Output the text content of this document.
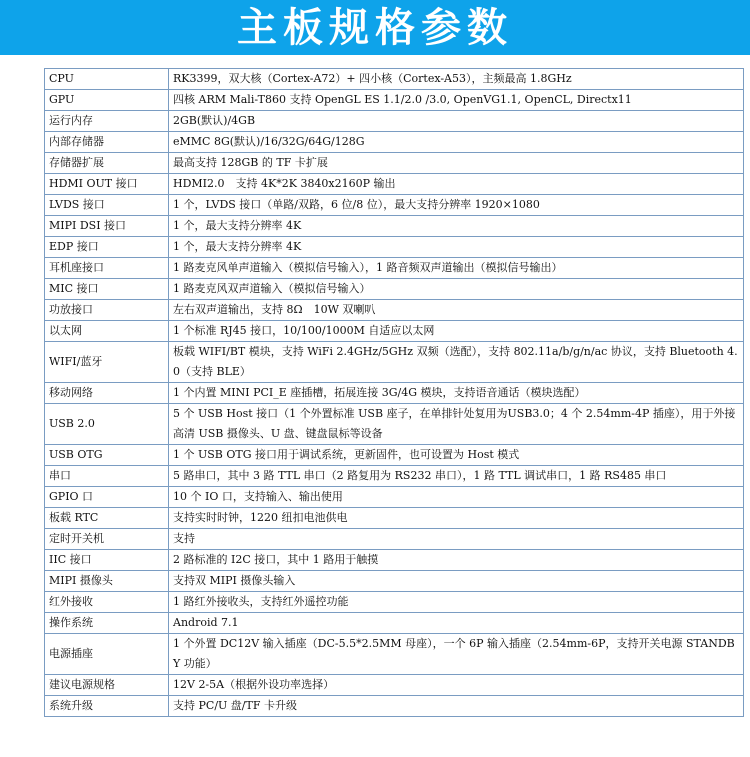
主板规格参数
CPU	RK3399，双大核（Cortex-A72）+ 四小核（Cortex-A53），主频最高 1.8GHz
GPU	四核 ARM Mali-T860 支持 OpenGL ES 1.1/2.0 /3.0, OpenVG1.1, OpenCL, Directx11
运行内存	2GB(默认)/4GB
内部存储器	eMMC 8G(默认)/16/32G/64G/128G
存储器扩展	最高支持 128GB 的 TF 卡扩展
HDMI OUT 接口	HDMI2.0　支持 4K*2K 3840x2160P 输出
LVDS 接口	1 个，LVDS 接口（单路/双路，6 位/8 位），最大支持分辨率 1920×1080
MIPI DSI 接口	1 个，最大支持分辨率 4K
EDP 接口	1 个，最大支持分辨率 4K
耳机座接口	1 路麦克风单声道输入（模拟信号输入），1 路音频双声道输出（模拟信号输出）
MIC 接口	1 路麦克风双声道输入（模拟信号输入）
功放接口	左右双声道输出，支持 8Ω　10W 双喇叭
以太网	1 个标准 RJ45 接口，10/100/1000M 自适应以太网
WIFI/蓝牙	板载 WIFI/BT 模块，支持 WiFi 2.4GHz/5GHz 双频（选配），支持 802.11a/b/g/n/ac 协议，支持 Bluetooth 4.0（支持 BLE）
移动网络	1 个内置 MINI PCI_E 座插槽，拓展连接 3G/4G 模块，支持语音通话（模块选配）
USB 2.0	5 个 USB Host 接口（1 个外置标准 USB 座子，在单排针处复用为USB3.0；4 个 2.54mm-4P 插座），用于外接高清 USB 摄像头、U 盘、键盘鼠标等设备
USB OTG	1 个 USB OTG 接口用于调试系统，更新固件，也可设置为 Host 模式
串口	5 路串口，其中 3 路 TTL 串口（2 路复用为 RS232 串口），1 路 TTL 调试串口，1 路 RS485 串口
GPIO 口	10 个 IO 口，支持输入、输出使用
板载 RTC	支持实时时钟，1220 纽扣电池供电
定时开关机	支持
IIC 接口	2 路标准的 I2C 接口，其中 1 路用于触摸
MIPI 摄像头	支持双 MIPI 摄像头输入
红外接收	1 路红外接收头，支持红外遥控功能
操作系统	Android 7.1
电源插座	1 个外置 DC12V 输入插座（DC-5.5*2.5MM 母座），一个 6P 输入插座（2.54mm-6P，支持开关电源 STANDBY 功能）
建议电源规格	12V 2-5A（根据外设功率选择）
系统升级	支持 PC/U 盘/TF 卡升级
